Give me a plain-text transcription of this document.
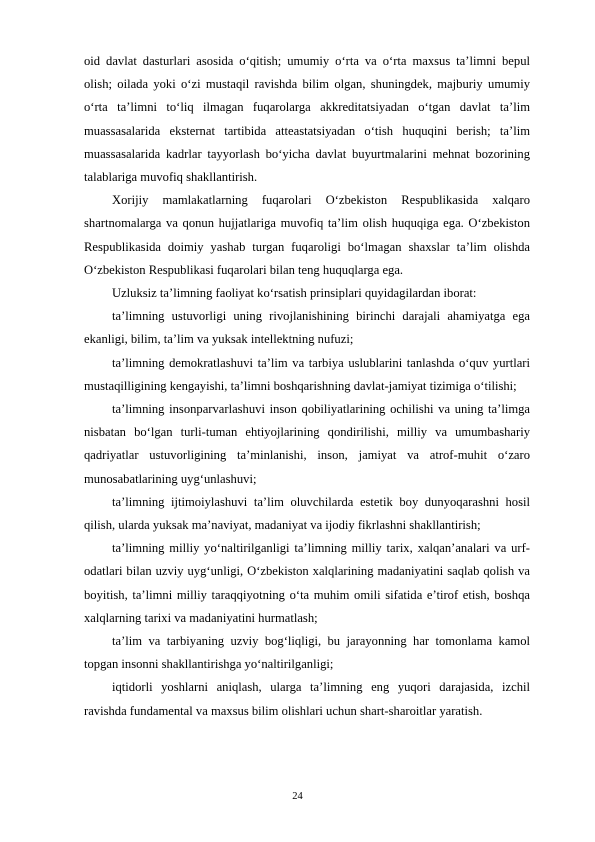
oid davlat dasturlari asosida o‘qitish; umumiy o‘rta va o‘rta maxsus ta’limni bepul olish; oilada yoki o‘zi mustaqil ravishda bilim olgan, shuningdek, majburiy umumiy o‘rta ta’limni to‘liq ilmagan fuqarolarga akkreditatsiyadan o‘tgan davlat ta’lim muassasalarida eksternat tartibida atteastatsiyadan o‘tish huquqini berish; ta’lim muassasalarida kadrlar tayyorlash bo‘yicha davlat buyurtmalarini mehnat bozorining talablariga muvofiq shakllantirish.

Xorijiy mamlakatlarning fuqarolari O‘zbekiston Respublikasida xalqaro shartnomalarga va qonun hujjatlariga muvofiq ta’lim olish huquqiga ega. O‘zbekiston Respublikasida doimiy yashab turgan fuqaroligi bo‘lmagan shaxslar ta’lim olishda O‘zbekiston Respublikasi fuqarolari bilan teng huquqlarga ega.

Uzluksiz ta’limning faoliyat ko‘rsatish prinsiplari quyidagilardan iborat:

ta’limning ustuvorligi uning rivojlanishining birinchi darajali ahamiyatga ega ekanligi, bilim, ta’lim va yuksak intellektning nufuzi;

ta’limning demokratlashuvi ta’lim va tarbiya uslublarini tanlashda o‘quv yurtlari mustaqilligining kengayishi, ta’limni boshqarishning davlat-jamiyat tizimiga o‘tilishi;

ta’limning insonparvarlashuvi inson qobiliyatlarining ochilishi va uning ta’limga nisbatan bo‘lgan turli-tuman ehtiyojlarining qondirilishi, milliy va umumbashariy qadriyatlar ustuvorligining ta’minlanishi, inson, jamiyat va atrof-muhit o‘zaro munosabatlarining uyg‘unlashuvi;

ta’limning ijtimoiylashuvi ta’lim oluvchilarda estetik boy dunyoqarashni hosil qilish, ularda yuksak ma’naviyat, madaniyat va ijodiy fikrlashni shakllantirish;

ta’limning milliy yo‘naltirilganligi ta’limning milliy tarix, xalqan’analari va urf-odatlari bilan uzviy uyg‘unligi, O‘zbekiston xalqlarining madaniyatini saqlab qolish va boyitish, ta’limni milliy taraqqiyotning o‘ta muhim omili sifatida e’tirof etish, boshqa xalqlarning tarixi va madaniyatini hurmatlash;

ta’lim va tarbiyaning uzviy bog‘liqligi, bu jarayonning har tomonlama kamol topgan insonni shakllantirishga yo‘naltirilganligi;

iqtidorli yoshlarni aniqlash, ularga ta’limning eng yuqori darajasida, izchil ravishda fundamental va maxsus bilim olishlari uchun shart-sharoitlar yaratish.

24
